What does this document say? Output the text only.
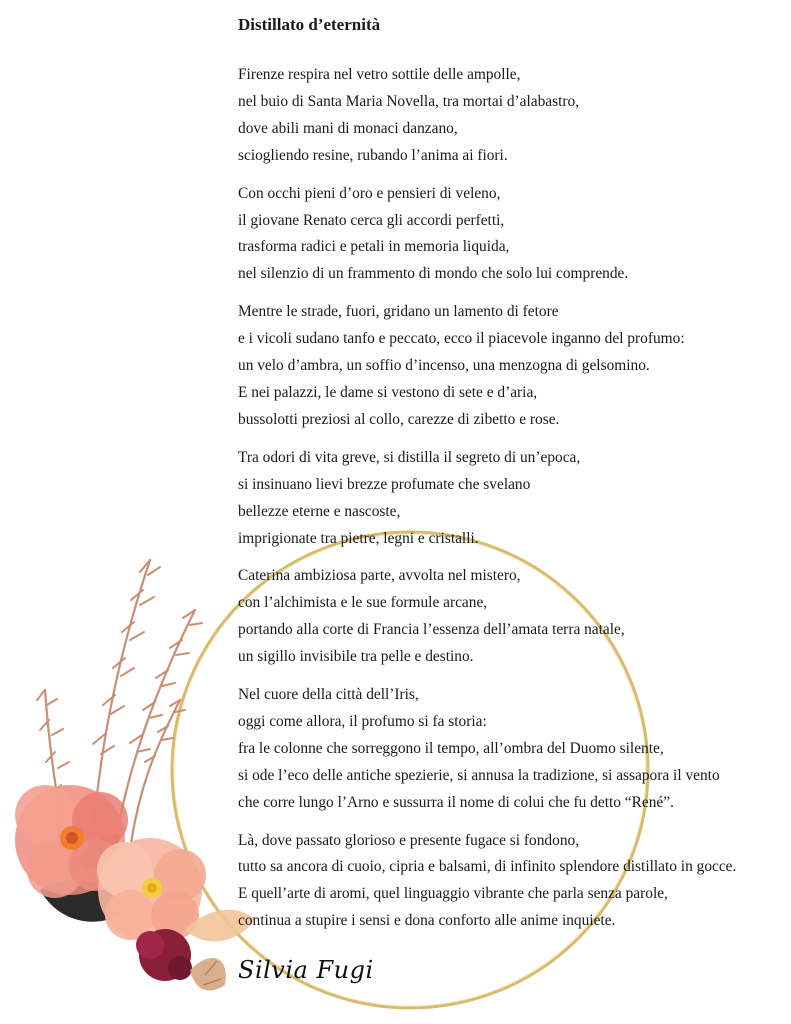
Distillato d’eternità
Firenze respira nel vetro sottile delle ampolle,
nel buio di Santa Maria Novella, tra mortai d’alabastro,
dove abili mani di monaci danzano,
sciogliendo resine, rubando l’anima ai fiori.
Con occhi pieni d’oro e pensieri di veleno,
il giovane Renato cerca gli accordi perfetti,
trasforma radici e petali in memoria liquida,
nel silenzio di un frammento di mondo che solo lui comprende.
Mentre le strade, fuori, gridano un lamento di fetore
e i vicoli sudano tanfo e peccato, ecco il piacevole inganno del profumo:
un velo d’ambra, un soffio d’incenso, una menzogna di gelsomino.
E nei palazzi, le dame si vestono di sete e d’aria,
bussolotti preziosi al collo, carezze di zibetto e rose.
Tra odori di vita greve, si distilla il segreto di un’epoca,
si insinuano lievi brezze profumate che svelano
bellezze eterne e nascoste,
imprigionate tra pietre, legni e cristalli.
Caterina ambiziosa parte, avvolta nel mistero,
con l’alchimista e le sue formule arcane,
portando alla corte di Francia l’essenza dell’amata terra natale,
un sigillo invisibile tra pelle e destino.
Nel cuore della città dell’Iris,
oggi come allora, il profumo si fa storia:
fra le colonne che sorreggono il tempo, all’ombra del Duomo silente,
si ode l’eco delle antiche spezierie, si annusa la tradizione, si assapora il vento
che corre lungo l’Arno e sussurra il nome di colui che fu detto “René”.
Là, dove passato glorioso e presente fugace si fondono,
tutto sa ancora di cuoio, cipria e balsami, di infinito splendore distillato in gocce.
E quell’arte di aromi, quel linguaggio vibrante che parla senza parole,
continua a stupire i sensi e dona conforto alle anime inquiete.
Silvia Fugi
